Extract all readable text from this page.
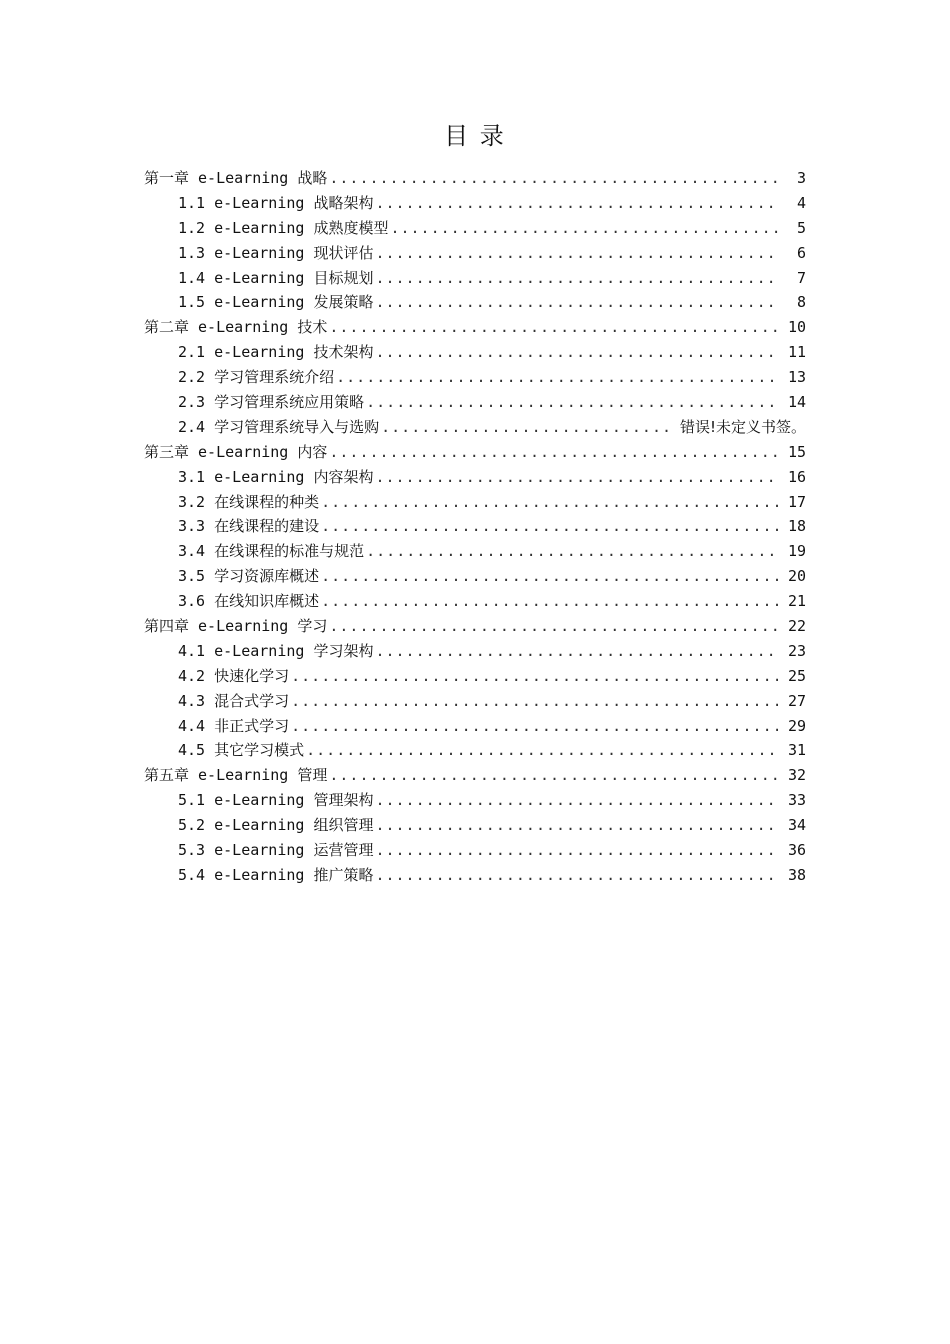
目 录
第一章 e-Learning 战略 .....	3
1.1 e-Learning 战略架构 .....	4
1.2 e-Learning 成熟度模型 .....	5
1.3 e-Learning 现状评估 .....	6
1.4 e-Learning 目标规划 .....	7
1.5 e-Learning 发展策略 .....	8
第二章 e-Learning 技术 .....	10
2.1 e-Learning 技术架构 .....	11
2.2 学习管理系统介绍 .....	13
2.3 学习管理系统应用策略 .....	14
2.4 学习管理系统导入与选购 .....	错误!未定义书签。
第三章 e-Learning 内容 .....	15
3.1 e-Learning 内容架构 .....	16
3.2 在线课程的种类 .....	17
3.3 在线课程的建设 .....	18
3.4 在线课程的标准与规范 .....	19
3.5 学习资源库概述 .....	20
3.6 在线知识库概述 .....	21
第四章 e-Learning 学习 .....	22
4.1 e-Learning 学习架构 .....	23
4.2 快速化学习 .....	25
4.3 混合式学习 .....	27
4.4 非正式学习 .....	29
4.5 其它学习模式 .....	31
第五章 e-Learning 管理 .....	32
5.1 e-Learning 管理架构 .....	33
5.2 e-Learning 组织管理 .....	34
5.3 e-Learning 运营管理 .....	36
5.4 e-Learning 推广策略 .....	38
